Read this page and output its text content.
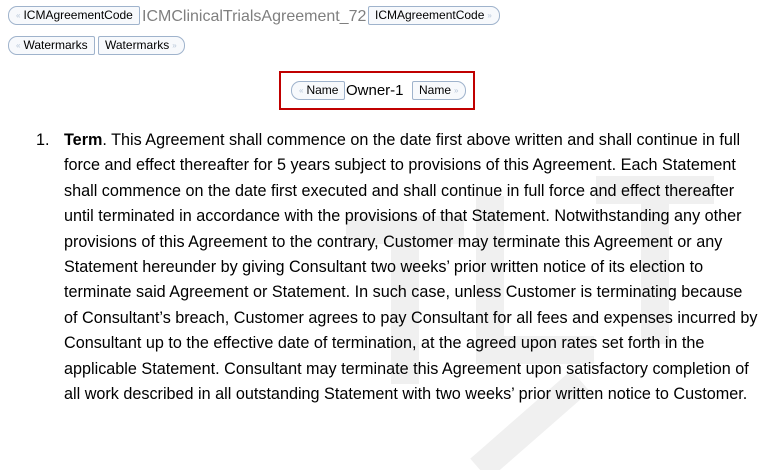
« ICMAgreementCode ICMClinicalTrialsAgreement_72 ICMAgreementCode »
« Watermarks Watermarks »
« Name Owner-1 Name »
1. Term. This Agreement shall commence on the date first above written and shall continue in full force and effect thereafter for 5 years subject to provisions of this Agreement. Each Statement shall commence on the date first executed and shall continue in full force and effect thereafter until terminated in accordance with the provisions of that Statement. Notwithstanding any other provisions of this Agreement to the contrary, Customer may terminate this Agreement or any Statement hereunder by giving Consultant two weeks’ prior written notice of its election to terminate said Agreement or Statement. In such case, unless Customer is terminating because of Consultant’s breach, Customer agrees to pay Consultant for all fees and expenses incurred by Consultant up to the effective date of termination, at the agreed upon rates set forth in the applicable Statement. Consultant may terminate this Agreement upon satisfactory completion of all work described in all outstanding Statement with two weeks’ prior written notice to Customer.
